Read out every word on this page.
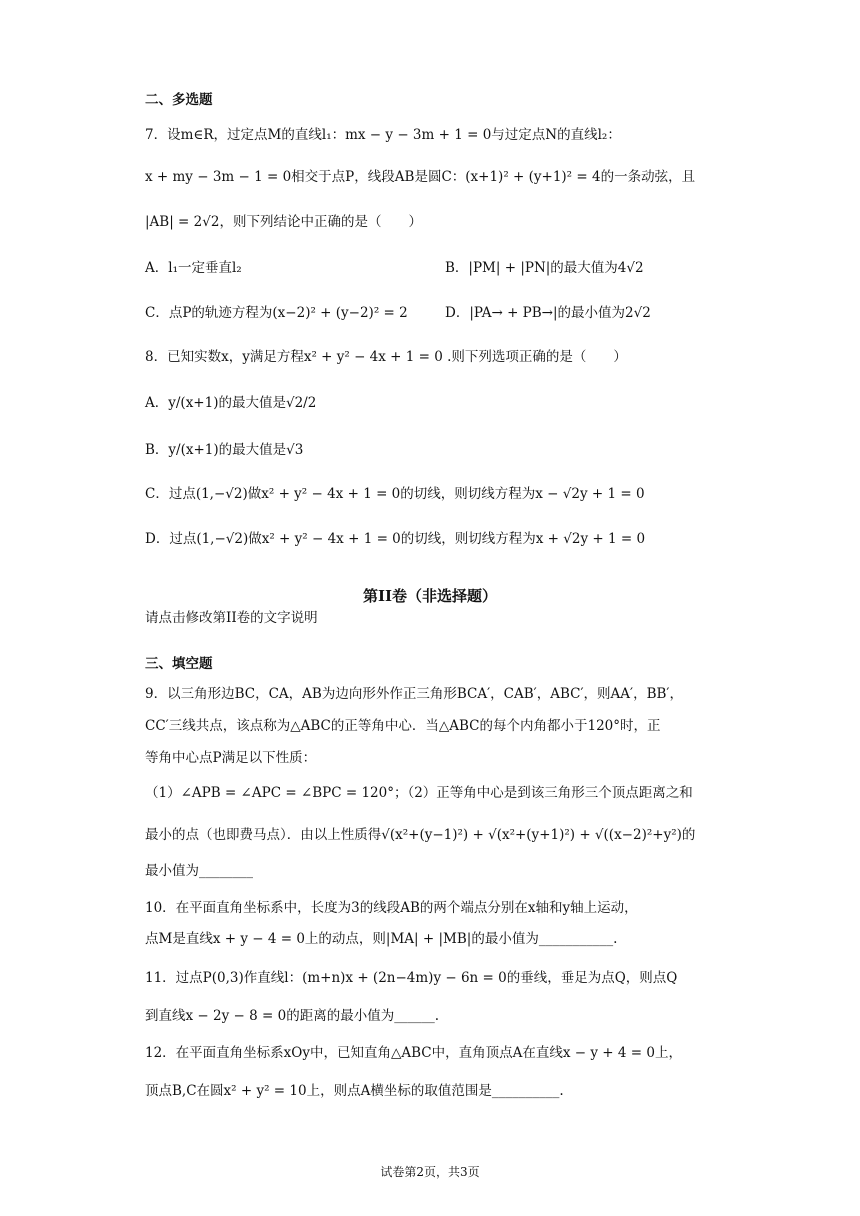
二、多选题
7．设m∈R，过定点M的直线l₁：mx − y − 3m + 1 = 0与过定点N的直线l₂：
x + my − 3m − 1 = 0相交于点P，线段AB是圆C：(x+1)² + (y+1)² = 4的一条动弦，且
|AB| = 2√2，则下列结论中正确的是（　　）
A．l₁一定垂直l₂	B．|PM| + |PN|的最大值为4√2
C．点P的轨迹方程为(x−2)² + (y−2)² = 2	D．|PA→ + PB→|的最小值为2√2
8．已知实数x，y满足方程x² + y² − 4x + 1 = 0 .则下列选项正确的是（　　）
A．y/(x+1)的最大值是√2/2
B．y/(x+1)的最大值是√3
C．过点(1,−√2)做x² + y² − 4x + 1 = 0的切线，则切线方程为x − √2y + 1 = 0
D．过点(1,−√2)做x² + y² − 4x + 1 = 0的切线，则切线方程为x + √2y + 1 = 0
第II卷（非选择题）
请点击修改第II卷的文字说明
三、填空题
9．以三角形边BC，CA，AB为边向形外作正三角形BCA′，CAB′，ABC′，则AA′，BB′，
CC′三线共点，该点称为△ABC的正等角中心．当△ABC的每个内角都小于120°时，正
等角中心点P满足以下性质：
（1）∠APB = ∠APC = ∠BPC = 120°；（2）正等角中心是到该三角形三个顶点距离之和
最小的点（也即费马点）．由以上性质得√(x²+(y−1)²) + √(x²+(y+1)²) + √((x−2)²+y²)的
最小值为________
10．在平面直角坐标系中，长度为3的线段AB的两个端点分别在x轴和y轴上运动，
点M是直线x + y − 4 = 0上的动点，则|MA| + |MB|的最小值为___________.
11．过点P(0,3)作直线l：(m+n)x + (2n−4m)y − 6n = 0的垂线，垂足为点Q，则点Q
到直线x − 2y − 8 = 0的距离的最小值为______.
12．在平面直角坐标系xOy中，已知直角△ABC中，直角顶点A在直线x − y + 4 = 0上，
顶点B,C在圆x² + y² = 10上，则点A横坐标的取值范围是__________.
试卷第2页，共3页
